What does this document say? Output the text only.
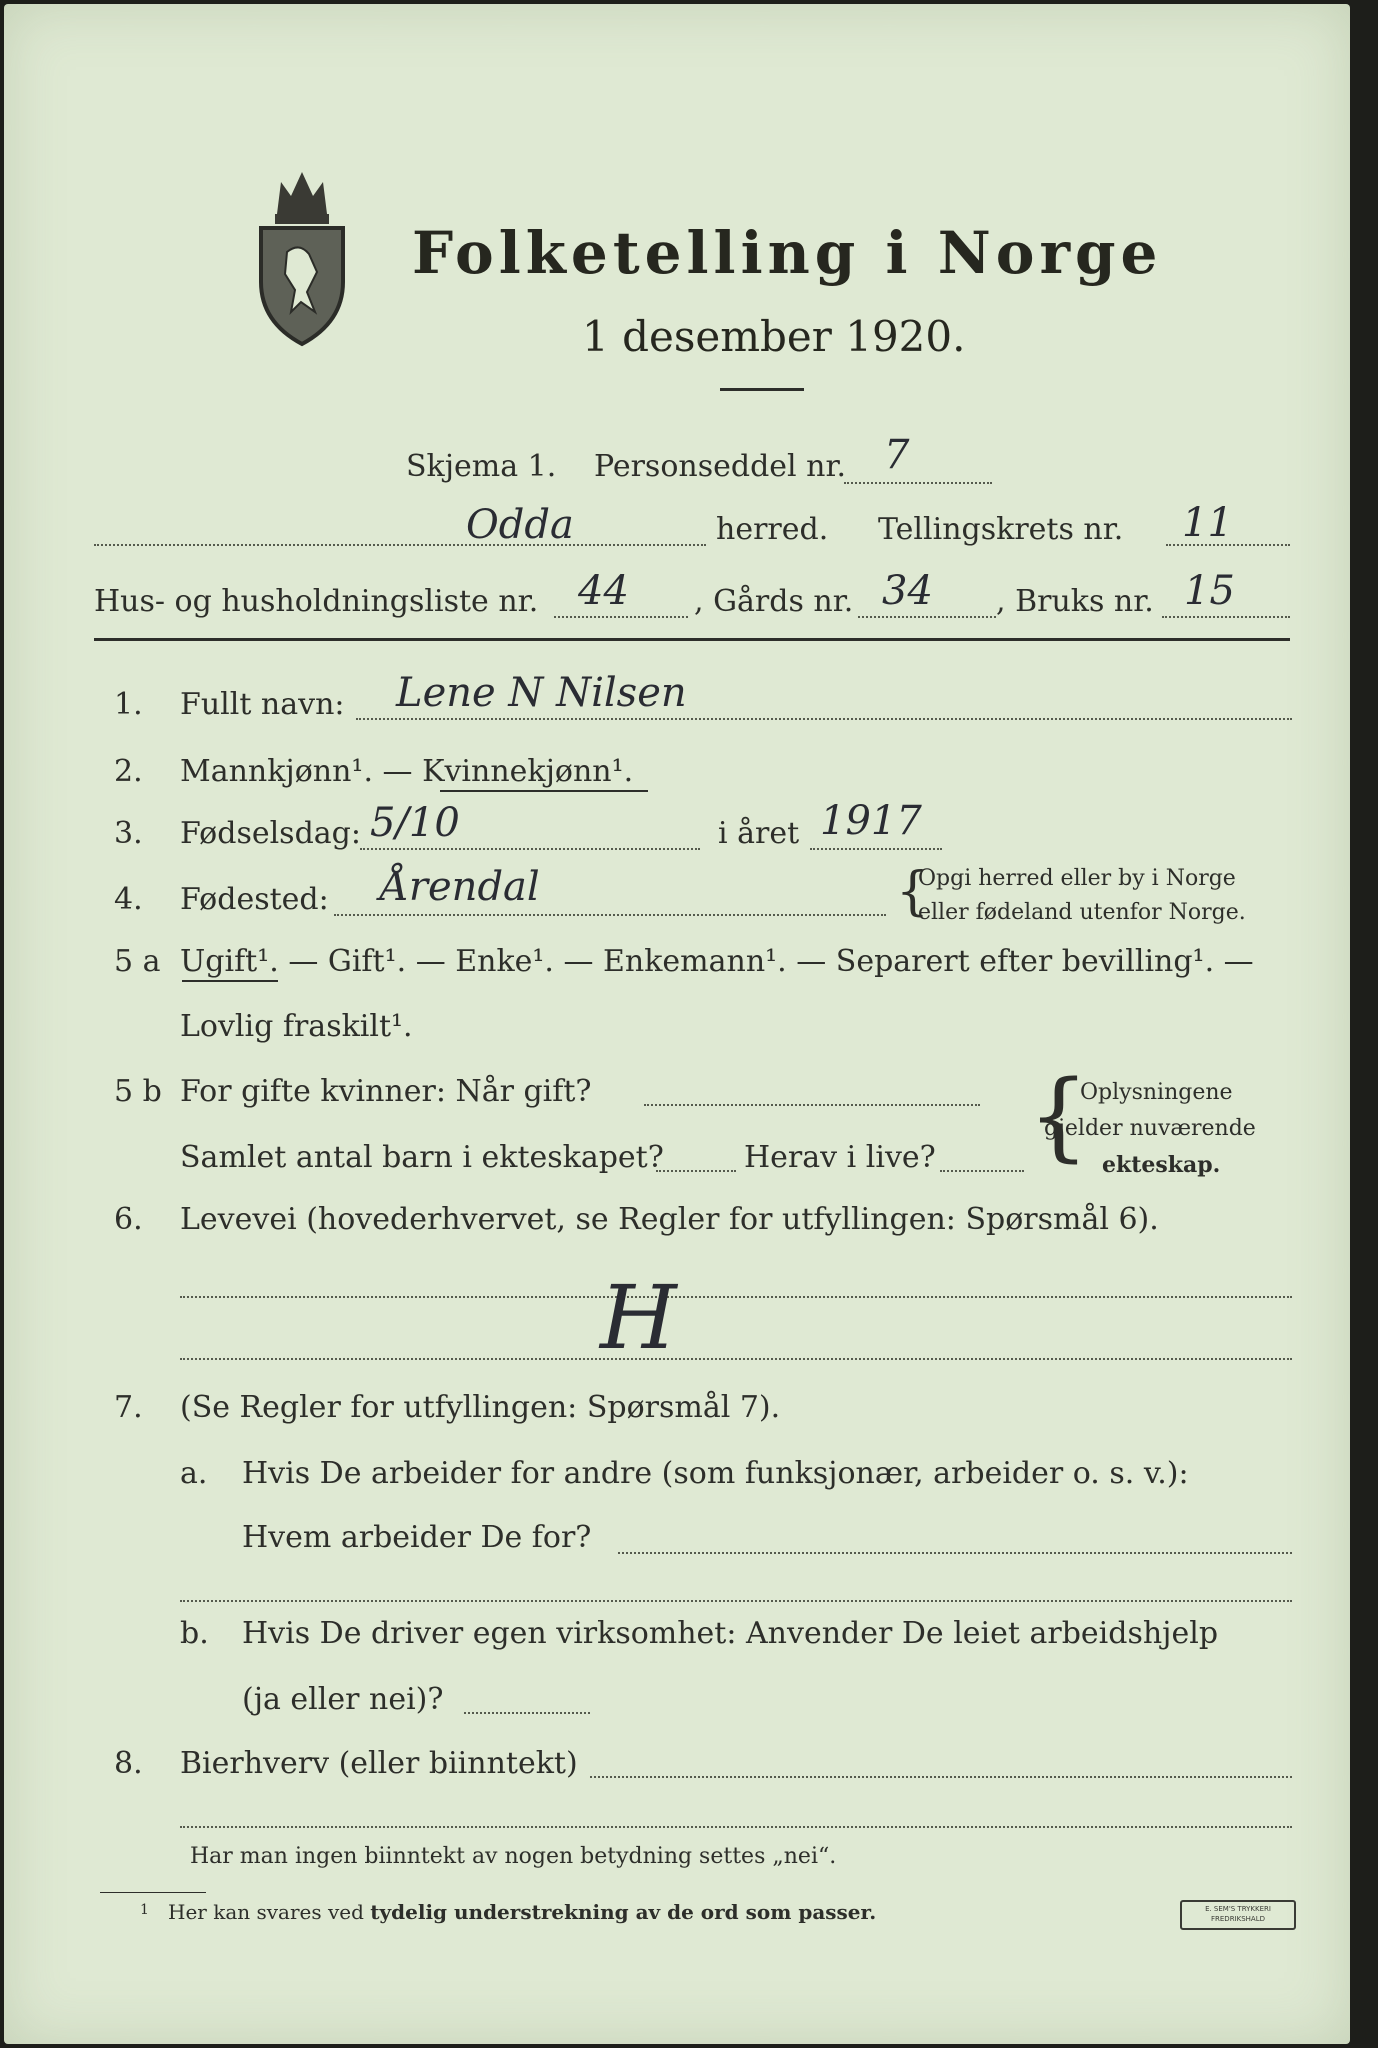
Folketelling i Norge
1 desember 1920.
Skjema 1. Personseddel nr. 7
Odda	herred. Tellingskrets nr. 11
Hus- og husholdningsliste nr. 44 , Gårds nr. 34 , Bruks nr. 15
1. Fullt navn: Lene N Nilsen
2. Mannkjønn¹. — Kvinnekjønn¹.
3. Fødselsdag: 5/10	i året 1917
4. Fødested: Årendal	{
Opgi herred eller by i Norge
eller fødeland utenfor Norge.
5 a Ugift¹. — Gift¹. — Enke¹. — Enkemann¹. — Separert efter bevilling¹. —
Lovlig fraskilt¹.
5 b For gifte kvinner: Når gift?
Samlet antal barn i ekteskapet?	Herav i live? {
Oplysningene
gjelder nuværende
ekteskap.
6. Levevei (hovederhvervet, se Regler for utfyllingen: Spørsmål 6).
H
7. (Se Regler for utfyllingen: Spørsmål 7).
a. Hvis De arbeider for andre (som funksjonær, arbeider o. s. v.):
Hvem arbeider De for?
b. Hvis De driver egen virksomhet: Anvender De leiet arbeidshjelp
(ja eller nei)?
8. Bierhverv (eller biinntekt)
Har man ingen biinntekt av nogen betydning settes „nei“.
1 Her kan svares ved tydelig understrekning av de ord som passer.	E. SEM'S TRYKKERI
FREDRIKSHALD
